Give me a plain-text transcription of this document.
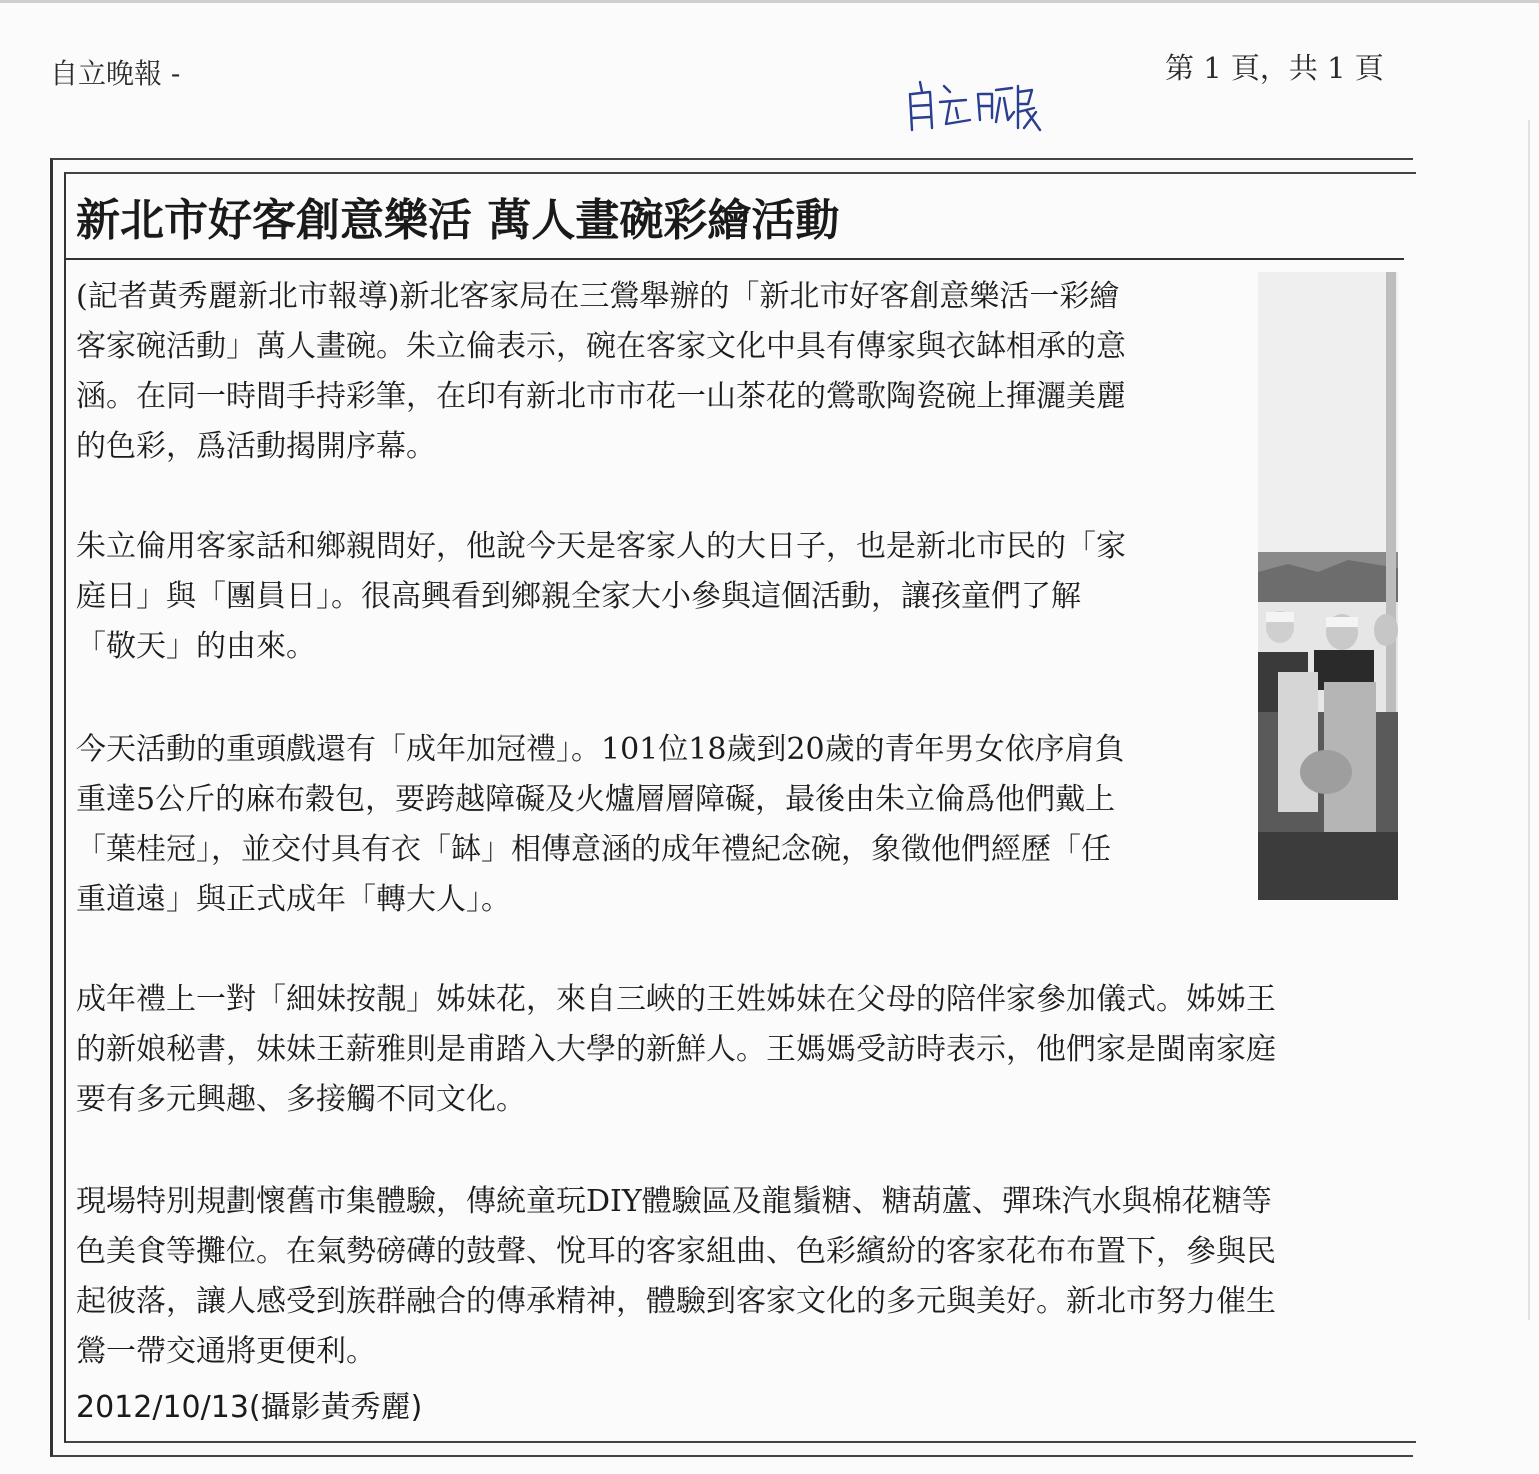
自立晚報 -	第 1 頁，共 1 頁
新北市好客創意樂活 萬人畫碗彩繪活動
(記者黃秀麗新北市報導)新北客家局在三鶯舉辦的「新北市好客創意樂活一彩繪
客家碗活動」萬人畫碗。朱立倫表示，碗在客家文化中具有傳家與衣缽相承的意
涵。在同一時間手持彩筆，在印有新北市市花一山茶花的鶯歌陶瓷碗上揮灑美麗
的色彩，爲活動揭開序幕。
朱立倫用客家話和鄉親問好，他說今天是客家人的大日子，也是新北市民的「家
庭日」與「團員日」。很高興看到鄉親全家大小參與這個活動，讓孩童們了解
「敬天」的由來。
今天活動的重頭戲還有「成年加冠禮」。101位18歲到20歲的青年男女依序肩負
重達5公斤的麻布穀包，要跨越障礙及火爐層層障礙，最後由朱立倫爲他們戴上
「葉桂冠」，並交付具有衣「缽」相傳意涵的成年禮紀念碗，象徵他們經歷「任
重道遠」與正式成年「轉大人」。
成年禮上一對「細妹按靚」姊妹花，來自三峽的王姓姊妹在父母的陪伴家參加儀式。姊姊王
的新娘秘書，妹妹王薪雅則是甫踏入大學的新鮮人。王媽媽受訪時表示，他們家是閩南家庭
要有多元興趣、多接觸不同文化。
現場特別規劃懷舊市集體驗，傳統童玩DIY體驗區及龍鬚糖、糖葫蘆、彈珠汽水與棉花糖等
色美食等攤位。在氣勢磅礡的鼓聲、悅耳的客家組曲、色彩繽紛的客家花布布置下，參與民
起彼落，讓人感受到族群融合的傳承精神，體驗到客家文化的多元與美好。新北市努力催生
鶯一帶交通將更便利。
2012/10/13(攝影黃秀麗)
